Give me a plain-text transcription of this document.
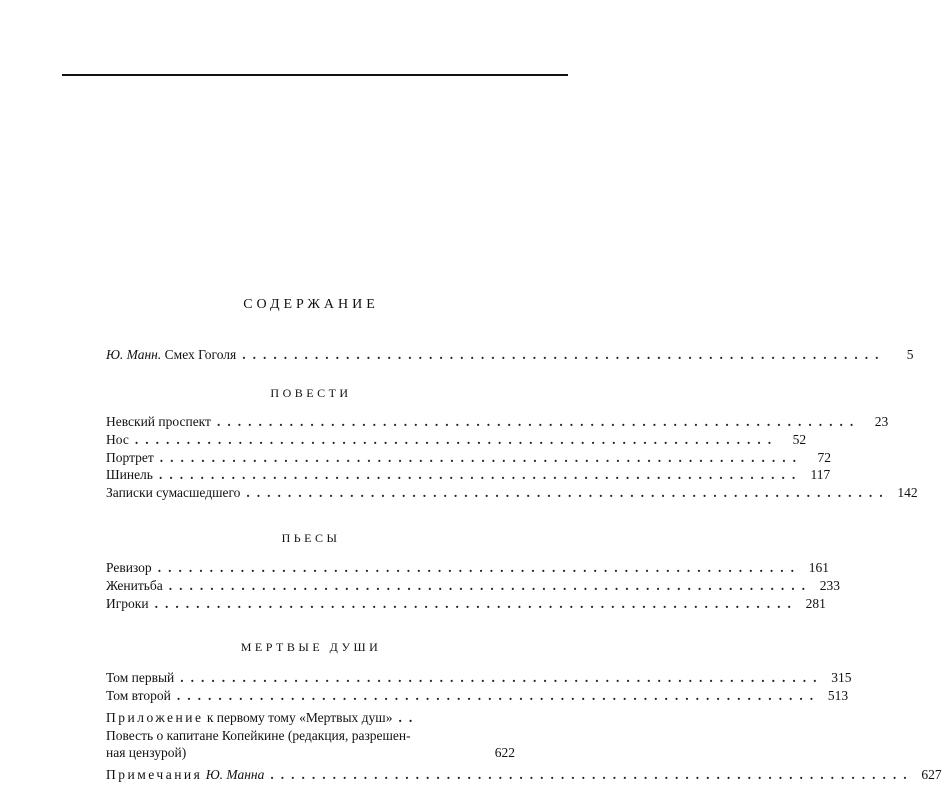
СОДЕРЖАНИЕ
Ю. Манн. Смех Гоголя ..............................................................	5
ПОВЕСТИ
Невский проспект ..............................................................	23
Нос ..............................................................	52
Портрет ..............................................................	72
Шинель .............................................................. 117
Записки сумасшедшего .............................................................. 142
ПЬЕСЫ
Ревизор .............................................................. 161
Женитьба .............................................................. 233
Игроки .............................................................. 281
МЕРТВЫЕ ДУШИ
Том первый .............................................................. 315
Том второй .............................................................. 513
Приложение
к первому тому «Мертвых душ» ..
Повесть о капитане Копейкине (редакция, разрешен-
ная цензурой)	622
Примечания Ю. Манна .............................................................. 627
